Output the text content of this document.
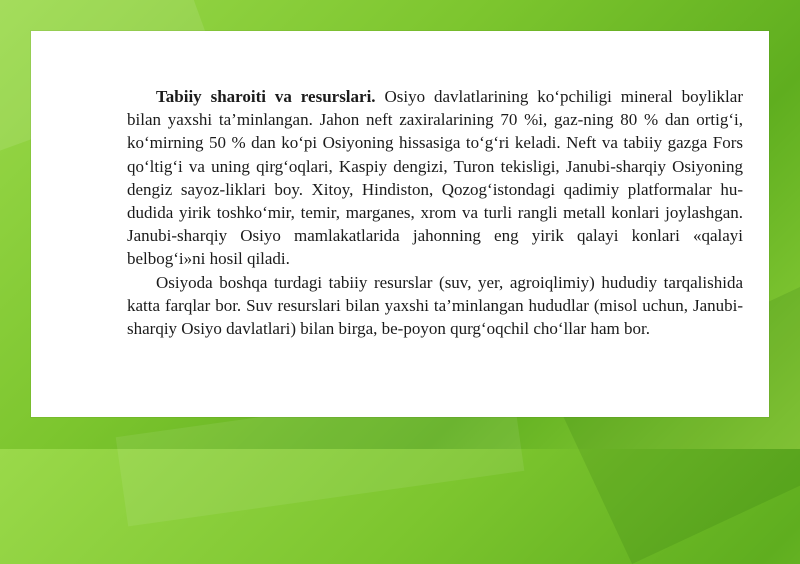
Tabiiy sharoiti va resurslari. Osiyo davlatlarining ko‘pchiligi mineral boyliklar bilan yaxshi ta’minlangan. Jahon neft zaxiralarining 70 %i, gaz-ning 80 % dan ortig‘i, ko‘mirning 50 % dan ko‘pi Osiyoning hissasiga to‘g‘ri keladi. Neft va tabiiy gazga Fors qo‘ltig‘i va uning qirg‘oqlari, Kaspiy dengizi, Turon tekisligi, Janubi-sharqiy Osiyoning dengiz sayoz-liklari boy. Xitoy, Hindiston, Qozog‘istondagi qadimiy platformalar hu-dudida yirik toshko‘mir, temir, marganes, xrom va turli rangli metall konlari joylashgan. Janubi-sharqiy Osiyo mamlakatlarida jahonning eng yirik qalayi konlari «qalayi belbog‘i»ni hosil qiladi.

Osiyoda boshqa turdagi tabiiy resurslar (suv, yer, agroiqlimiy) hududiy tarqalishida katta farqlar bor. Suv resurslari bilan yaxshi ta’minlangan hududlar (misol uchun, Janubi-sharqiy Osiyo davlatlari) bilan birga, be-poyon qurg‘oqchil cho‘llar ham bor.
